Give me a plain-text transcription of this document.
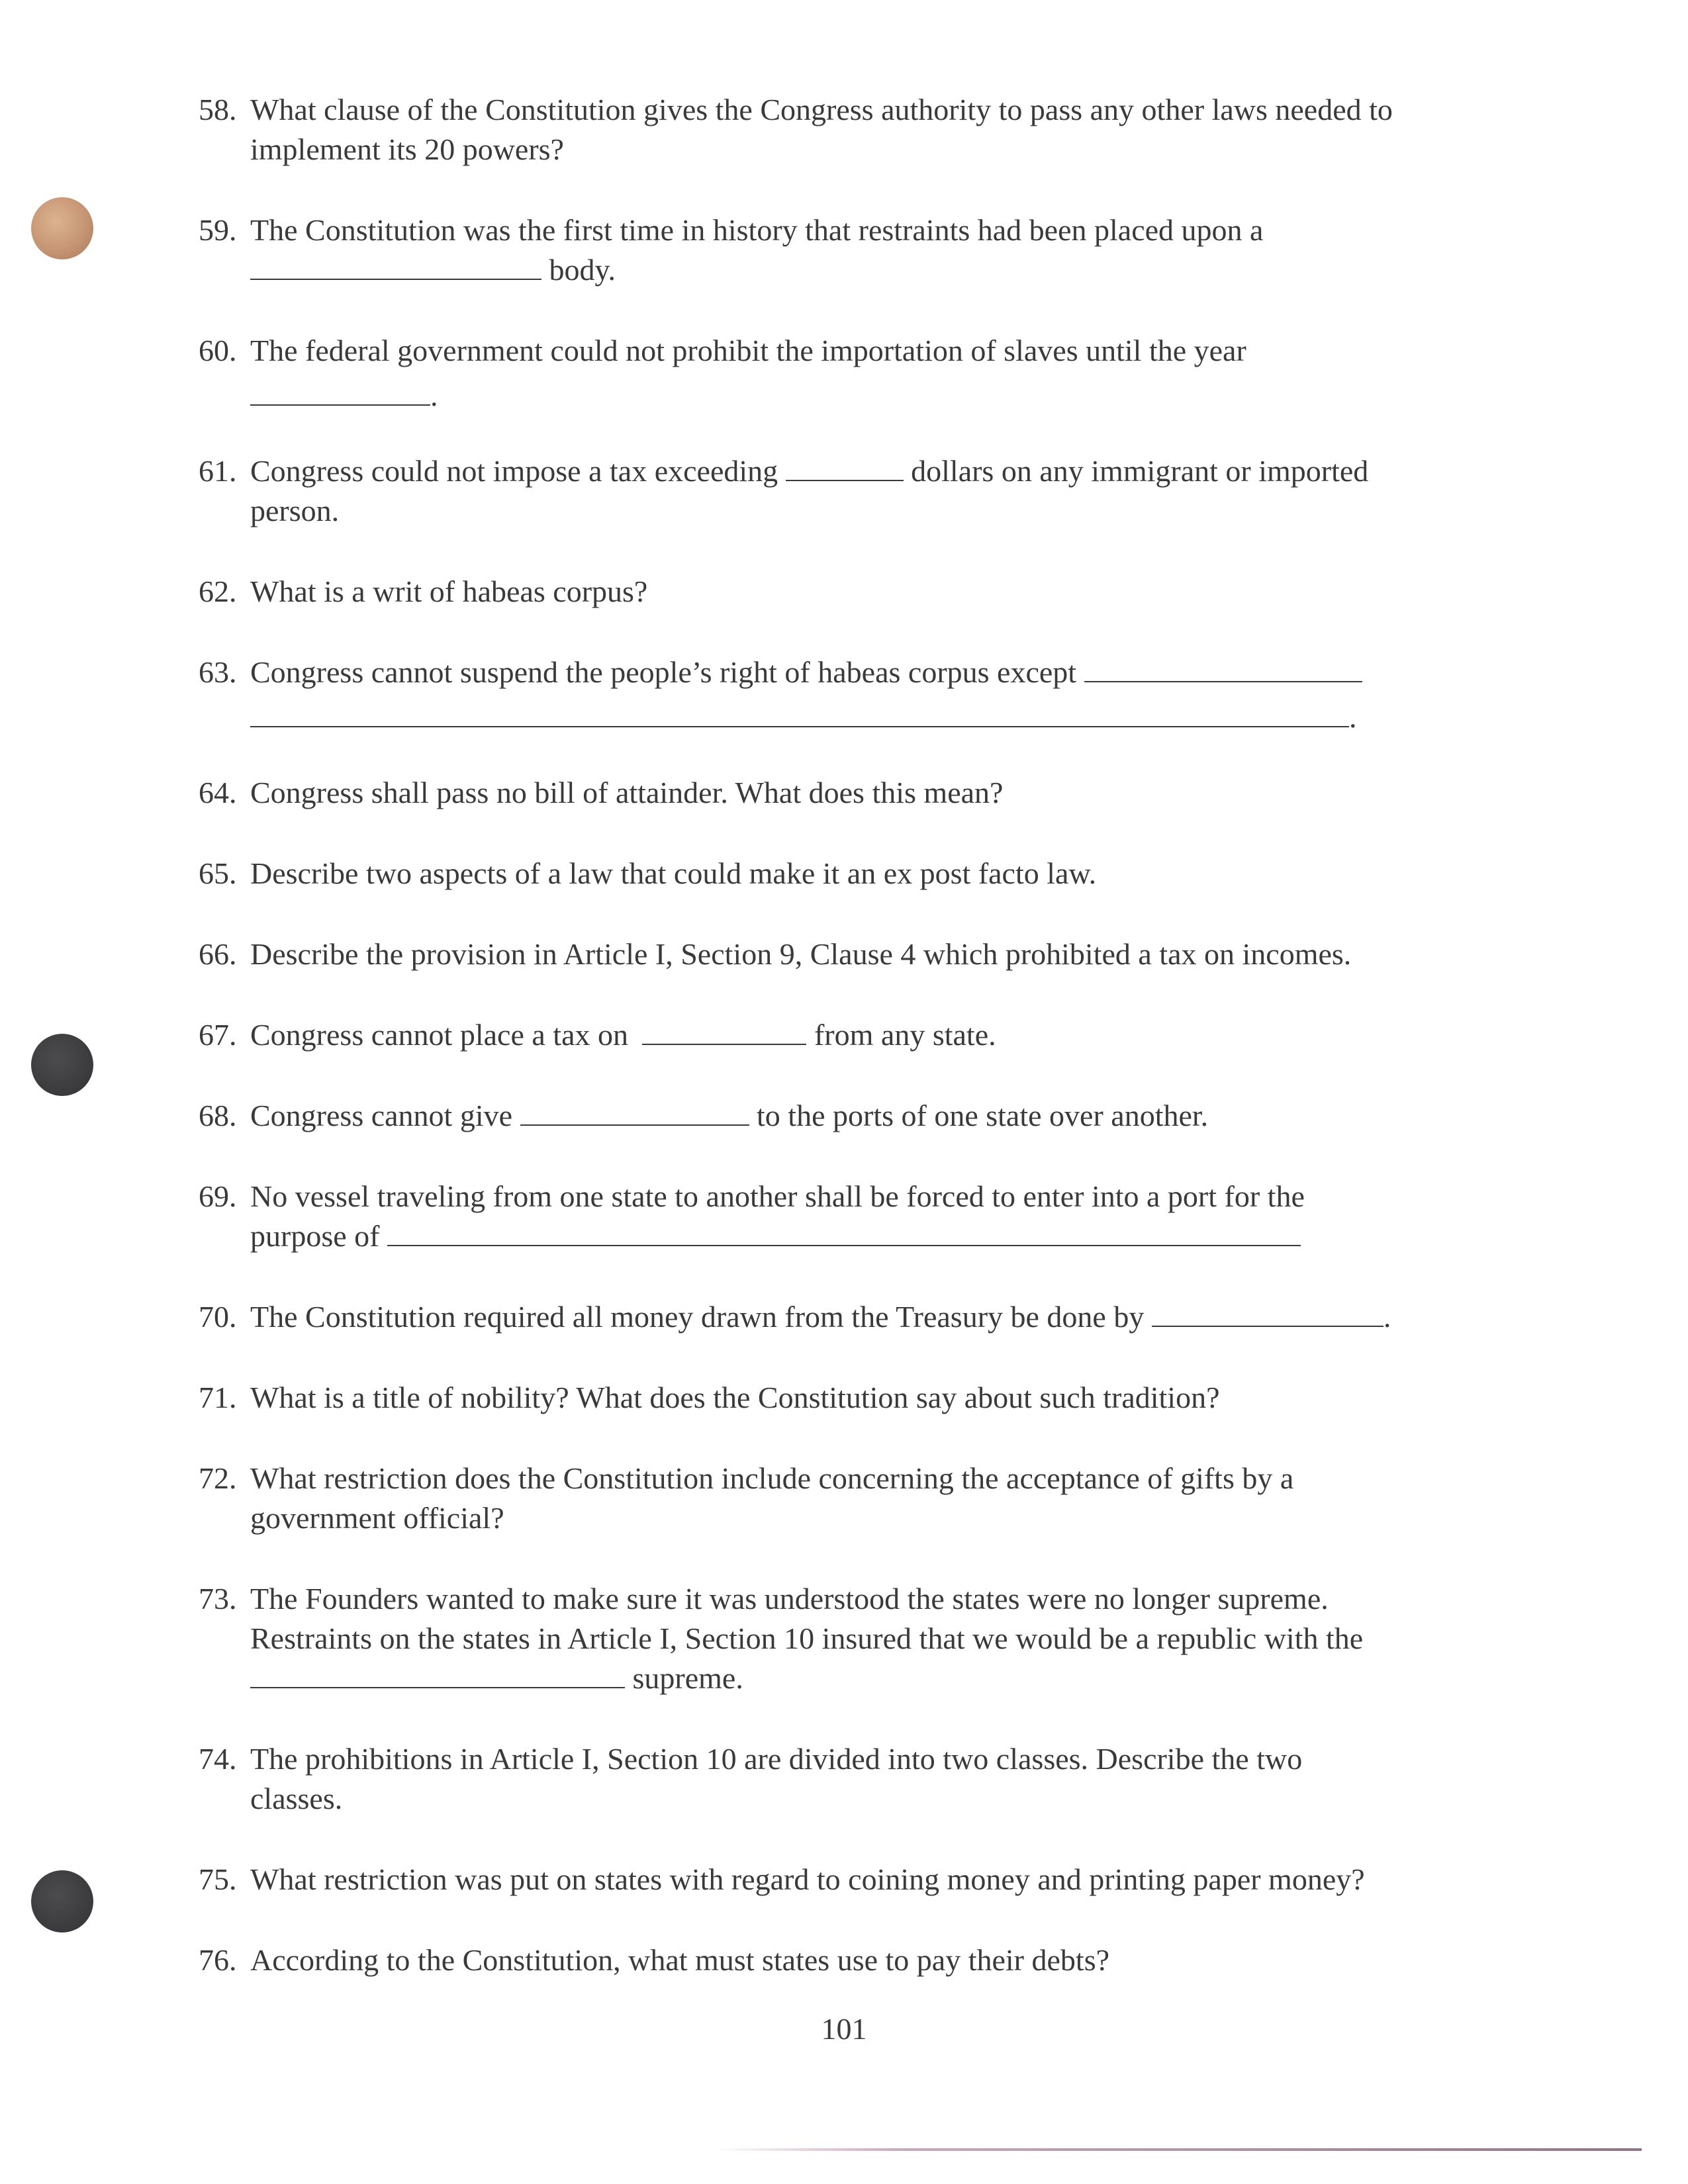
58. What clause of the Constitution gives the Congress authority to pass any other laws needed to
implement its 20 powers?
59. The Constitution was the first time in history that restraints had been placed upon a
body.
60. The federal government could not prohibit the importation of slaves until the year
.
61. Congress could not impose a tax exceeding	dollars on any immigrant or imported
person.
62. What is a writ of habeas corpus?
63. Congress cannot suspend the people’s right of habeas corpus except
.
64. Congress shall pass no bill of attainder. What does this mean?
65. Describe two aspects of a law that could make it an ex post facto law.
66. Describe the provision in Article I, Section 9, Clause 4 which prohibited a tax on incomes.
67. Congress cannot place a tax on	from any state.
68. Congress cannot give	to the ports of one state over another.
69. No vessel traveling from one state to another shall be forced to enter into a port for the
purpose of
70. The Constitution required all money drawn from the Treasury be done by	.
71. What is a title of nobility? What does the Constitution say about such tradition?
72. What restriction does the Constitution include concerning the acceptance of gifts by a
government official?
73. The Founders wanted to make sure it was understood the states were no longer supreme.
Restraints on the states in Article I, Section 10 insured that we would be a republic with the
supreme.
74. The prohibitions in Article I, Section 10 are divided into two classes. Describe the two
classes.
75. What restriction was put on states with regard to coining money and printing paper money?
76. According to the Constitution, what must states use to pay their debts?
101
